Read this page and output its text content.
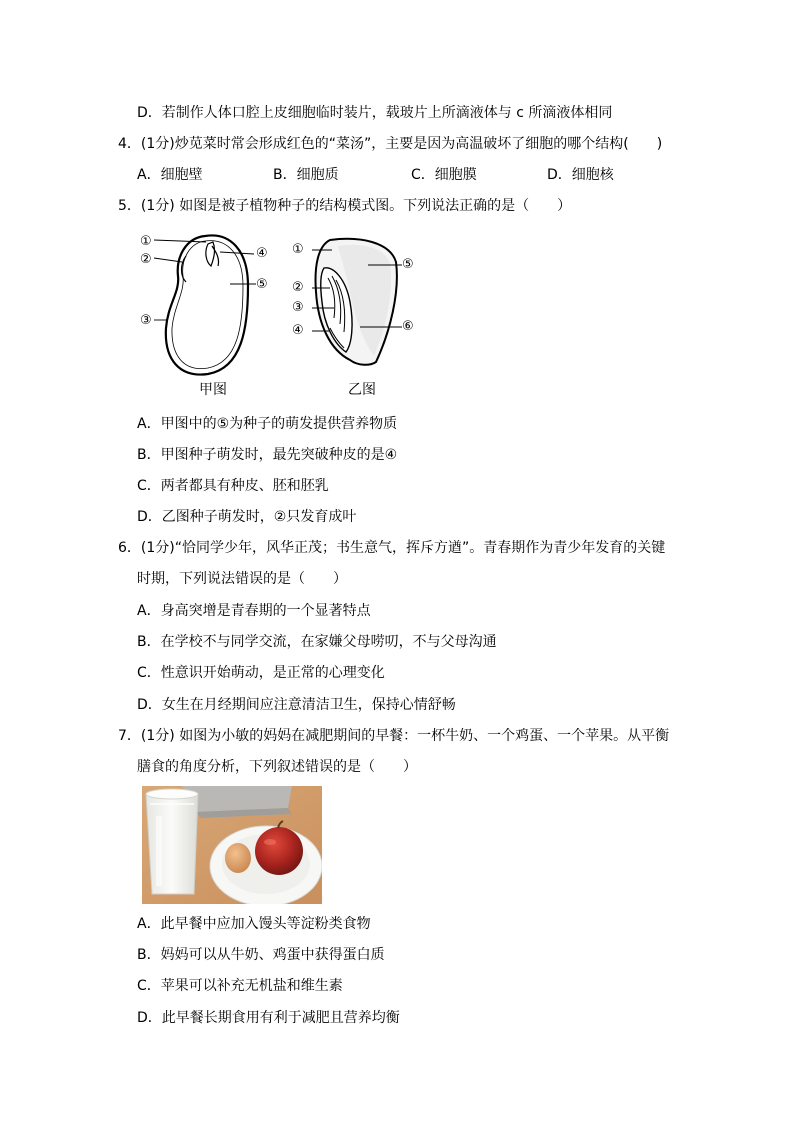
D．若制作人体口腔上皮细胞临时装片，载玻片上所滴液体与 c 所滴液体相同
4．(1分)炒苋菜时常会形成红色的“菜汤”，主要是因为高温破坏了细胞的哪个结构(　　)
A．细胞壁	B．细胞质	C．细胞膜	D．细胞核
5．(1分) 如图是被子植物种子的结构模式图。下列说法正确的是（　　）
①
②
③
④
⑤
甲图
①
②
③
④
⑤
⑥
乙图
A．甲图中的⑤为种子的萌发提供营养物质
B．甲图种子萌发时，最先突破种皮的是④
C．两者都具有种皮、胚和胚乳
D．乙图种子萌发时，②只发育成叶
6．(1分)“恰同学少年，风华正茂；书生意气，挥斥方遒”。青春期作为青少年发育的关键
时期，下列说法错误的是（　　）
A．身高突增是青春期的一个显著特点
B．在学校不与同学交流，在家嫌父母唠叨，不与父母沟通
C．性意识开始萌动，是正常的心理变化
D．女生在月经期间应注意清洁卫生，保持心情舒畅
7．(1分) 如图为小敏的妈妈在减肥期间的早餐：一杯牛奶、一个鸡蛋、一个苹果。从平衡
膳食的角度分析，下列叙述错误的是（　　）
A．此早餐中应加入馒头等淀粉类食物
B．妈妈可以从牛奶、鸡蛋中获得蛋白质
C．苹果可以补充无机盐和维生素
D．此早餐长期食用有利于减肥且营养均衡
